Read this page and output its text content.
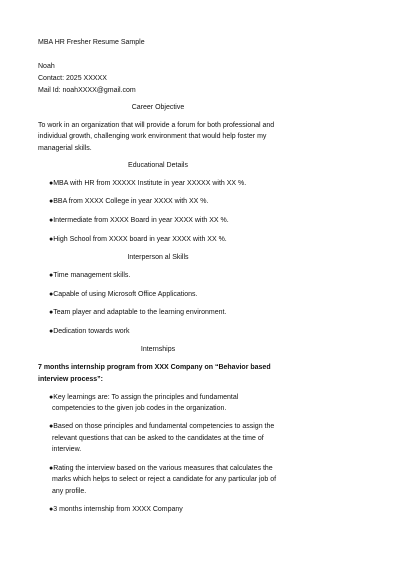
MBA HR Fresher Resume Sample
Noah
Contact: 2025 XXXXX
Mail Id: noahXXXX@gmail.com
Career Objective
To work in an organization that will provide a forum for both professional and
individual growth, challenging work environment that would help foster my
managerial skills.
Educational Details
●MBA with HR from XXXXX Institute in year XXXXX with XX %.
●BBA from XXXX College in year XXXX with XX %.
●Intermediate from XXXX Board in year XXXX with XX %.
●High School from XXXX board in year XXXX with XX %.
Interperson al Skills
●Time management skills.
●Capable of using Microsoft Office Applications.
●Team player and adaptable to the learning environment.
●Dedication towards work
Internships
7 months internship program from XXX Company on “Behavior based
interview process”:
●Key learnings are: To assign the principles and fundamental
competencies to the given job codes in the organization.
●Based on those principles and fundamental competencies to assign the
relevant questions that can be asked to the candidates at the time of
interview.
●Rating the interview based on the various measures that calculates the
marks which helps to select or reject a candidate for any particular job of
any profile.
●3 months internship from XXXX Company
